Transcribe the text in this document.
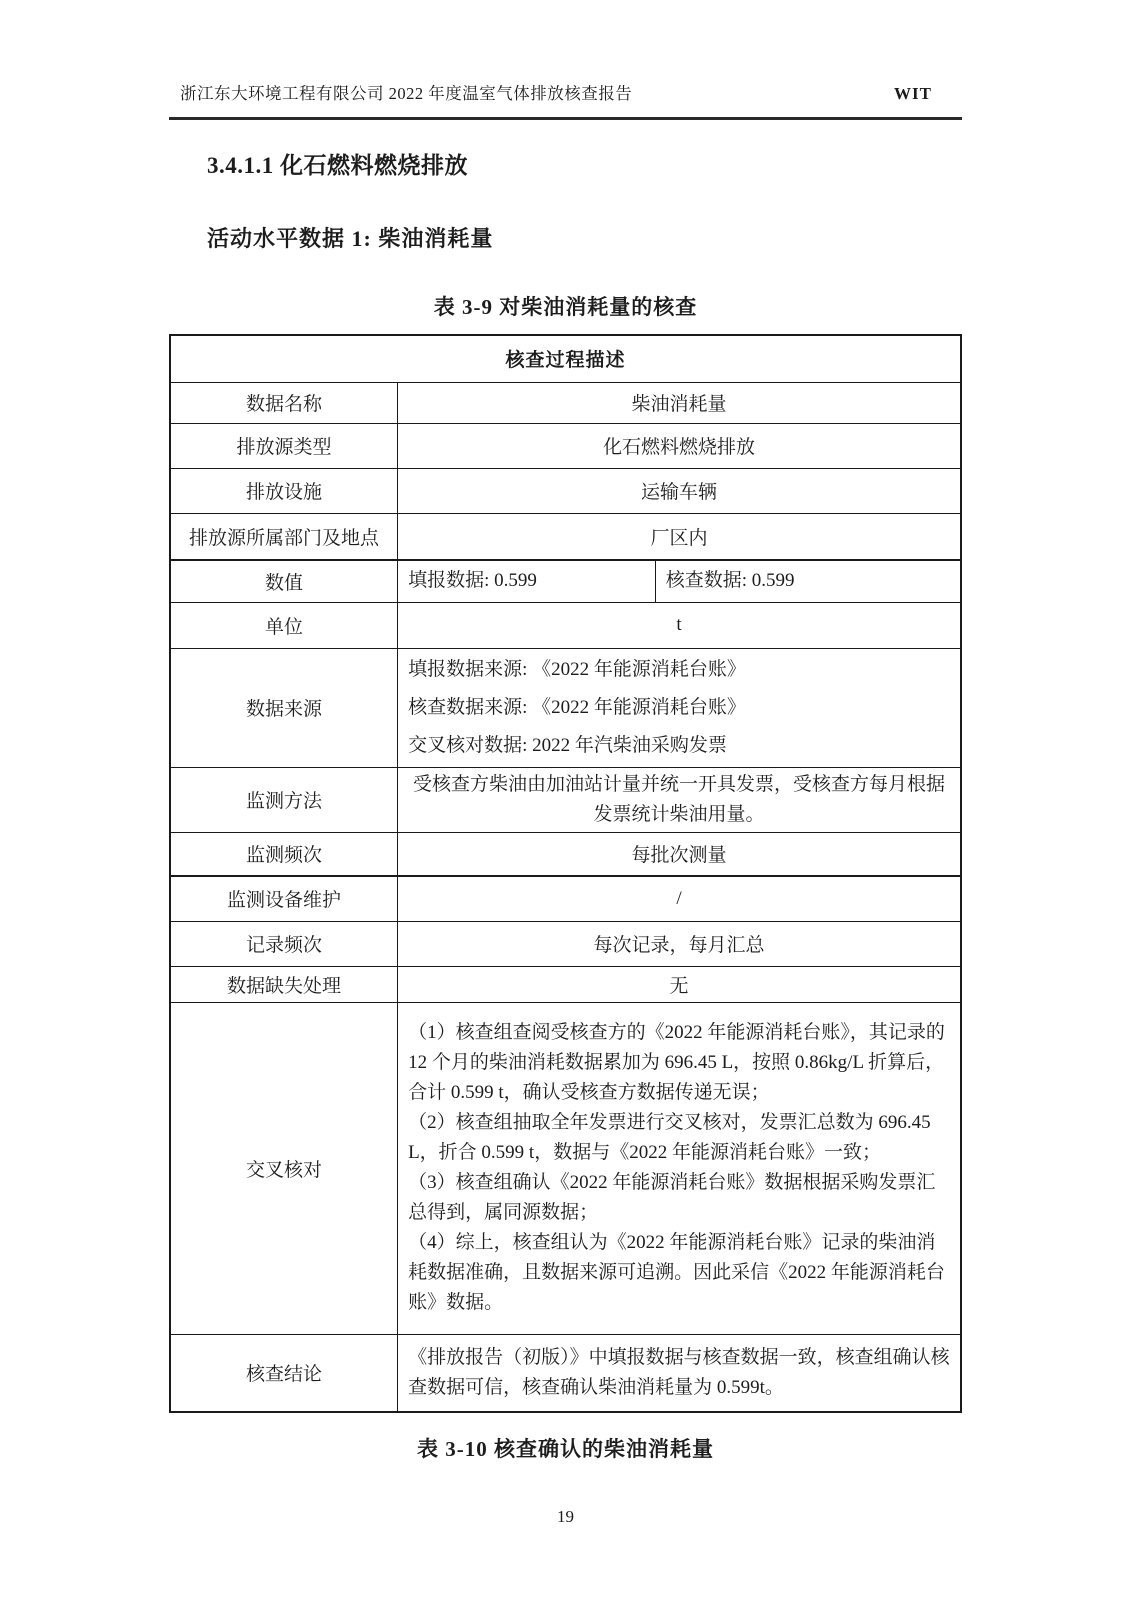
浙江东大环境工程有限公司 2022 年度温室气体排放核查报告	WIT
3.4.1.1 化石燃料燃烧排放
活动水平数据 1: 柴油消耗量
表 3-9 对柴油消耗量的核查
核查过程描述		
数据名称	柴油消耗量	
排放源类型	化石燃料燃烧排放	
排放设施	运输车辆	
排放源所属部门及地点	厂区内	
数值	填报数据: 0.599	核查数据: 0.599
单位	t	
数据来源	填报数据来源: 《2022 年能源消耗台账》
核查数据来源: 《2022 年能源消耗台账》
交叉核对数据: 2022 年汽柴油采购发票	

监测方法	受核查方柴油由加油站计量并统一开具发票，受核查方每月根据发票统计柴油用量。	
监测频次	每批次测量	
监测设备维护	/	
记录频次	每次记录，每月汇总	
数据缺失处理	无	
交叉核对	（1）核查组查阅受核查方的《2022 年能源消耗台账》，其记录的 12 个月的柴油消耗数据累加为 696.45 L，按照 0.86kg/L 折算后，合计 0.599 t，确认受核查方数据传递无误；

（2）核查组抽取全年发票进行交叉核对，发票汇总数为 696.45 L，折合 0.599 t，数据与《2022 年能源消耗台账》一致；

（3）核查组确认《2022 年能源消耗台账》数据根据采购发票汇总得到，属同源数据；

（4）综上，核查组认为《2022 年能源消耗台账》记录的柴油消耗数据准确，且数据来源可追溯。因此采信《2022 年能源消耗台账》数据。	

核查结论	《排放报告（初版）》中填报数据与核查数据一致，核查组确认核查数据可信，核查确认柴油消耗量为 0.599t。	
表 3-10 核查确认的柴油消耗量
19
